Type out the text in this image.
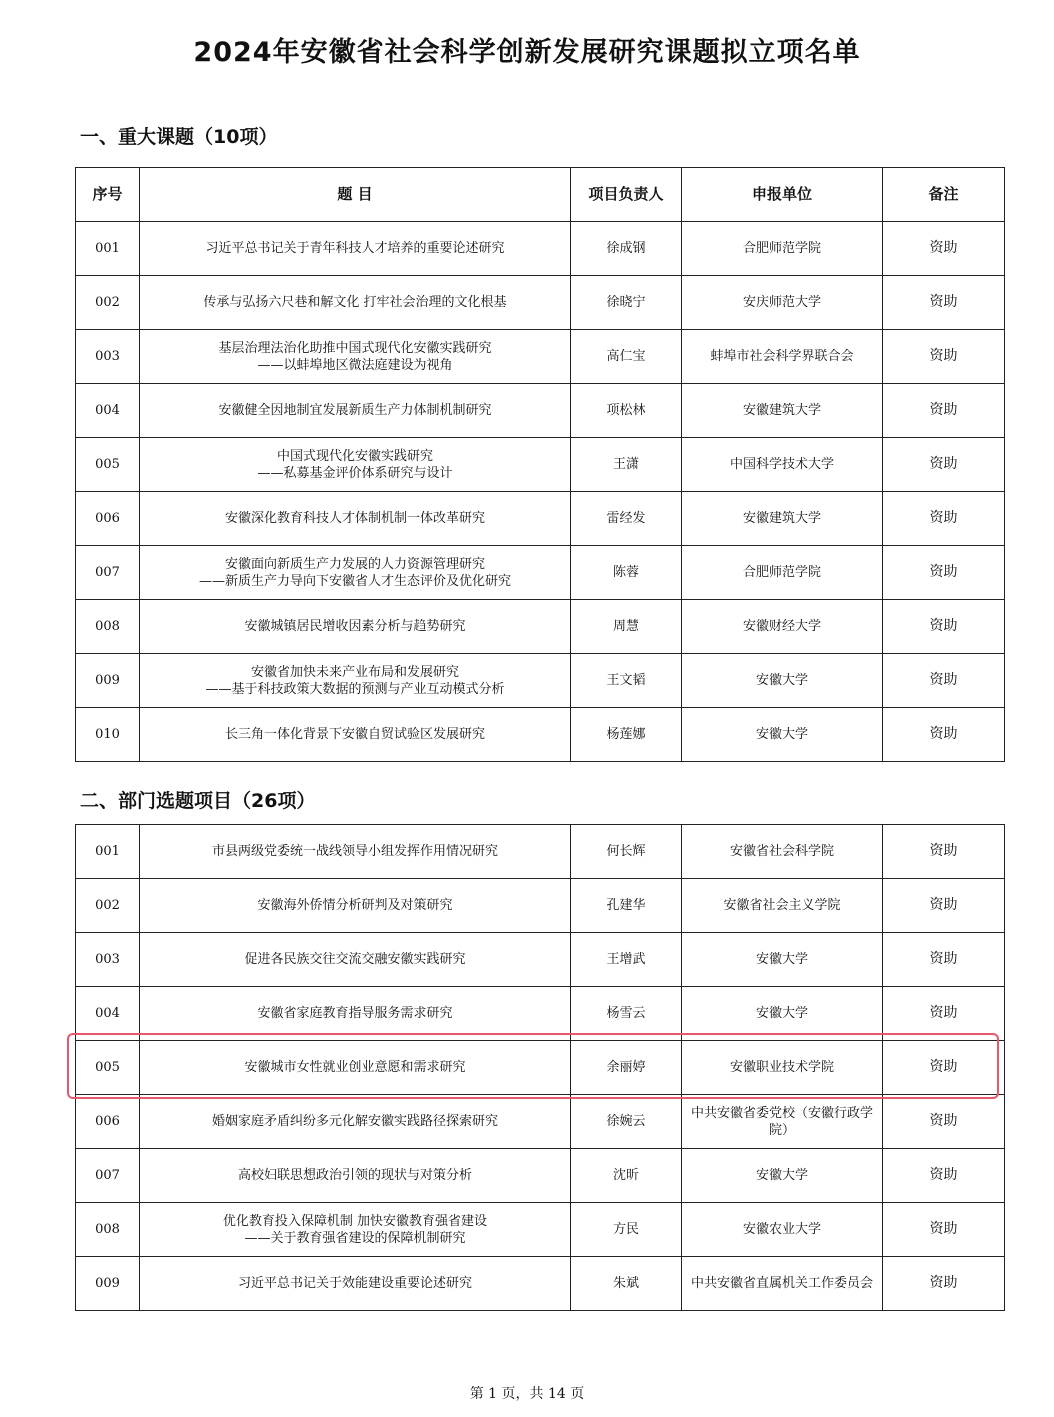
2024年安徽省社会科学创新发展研究课题拟立项名单
一、重大课题（10项）
序号	题 目	项目负责人	申报单位	备注
001	习近平总书记关于青年科技人才培养的重要论述研究	徐成钢	合肥师范学院	资助
002	传承与弘扬六尺巷和解文化 打牢社会治理的文化根基	徐晓宁	安庆师范大学	资助
003	基层治理法治化助推中国式现代化安徽实践研究
——以蚌埠地区微法庭建设为视角	高仁宝	蚌埠市社会科学界联合会	资助
004	安徽健全因地制宜发展新质生产力体制机制研究	项松林	安徽建筑大学	资助
005	中国式现代化安徽实践研究
——私募基金评价体系研究与设计	王潇	中国科学技术大学	资助
006	安徽深化教育科技人才体制机制一体改革研究	雷经发	安徽建筑大学	资助
007	安徽面向新质生产力发展的人力资源管理研究
——新质生产力导向下安徽省人才生态评价及优化研究	陈蓉	合肥师范学院	资助
008	安徽城镇居民增收因素分析与趋势研究	周慧	安徽财经大学	资助
009	安徽省加快未来产业布局和发展研究
——基于科技政策大数据的预测与产业互动模式分析	王文韬	安徽大学	资助
010	长三角一体化背景下安徽自贸试验区发展研究	杨莲娜	安徽大学	资助
二、部门选题项目（26项）
001	市县两级党委统一战线领导小组发挥作用情况研究	何长辉	安徽省社会科学院	资助
002	安徽海外侨情分析研判及对策研究	孔建华	安徽省社会主义学院	资助
003	促进各民族交往交流交融安徽实践研究	王增武	安徽大学	资助
004	安徽省家庭教育指导服务需求研究	杨雪云	安徽大学	资助
005	安徽城市女性就业创业意愿和需求研究	余丽婷	安徽职业技术学院	资助
006	婚姻家庭矛盾纠纷多元化解安徽实践路径探索研究	徐婉云	中共安徽省委党校（安徽行政学院）	资助
007	高校妇联思想政治引领的现状与对策分析	沈昕	安徽大学	资助
008	优化教育投入保障机制 加快安徽教育强省建设
——关于教育强省建设的保障机制研究	方民	安徽农业大学	资助
009	习近平总书记关于效能建设重要论述研究	朱斌	中共安徽省直属机关工作委员会	资助
第 1 页，共 14 页
